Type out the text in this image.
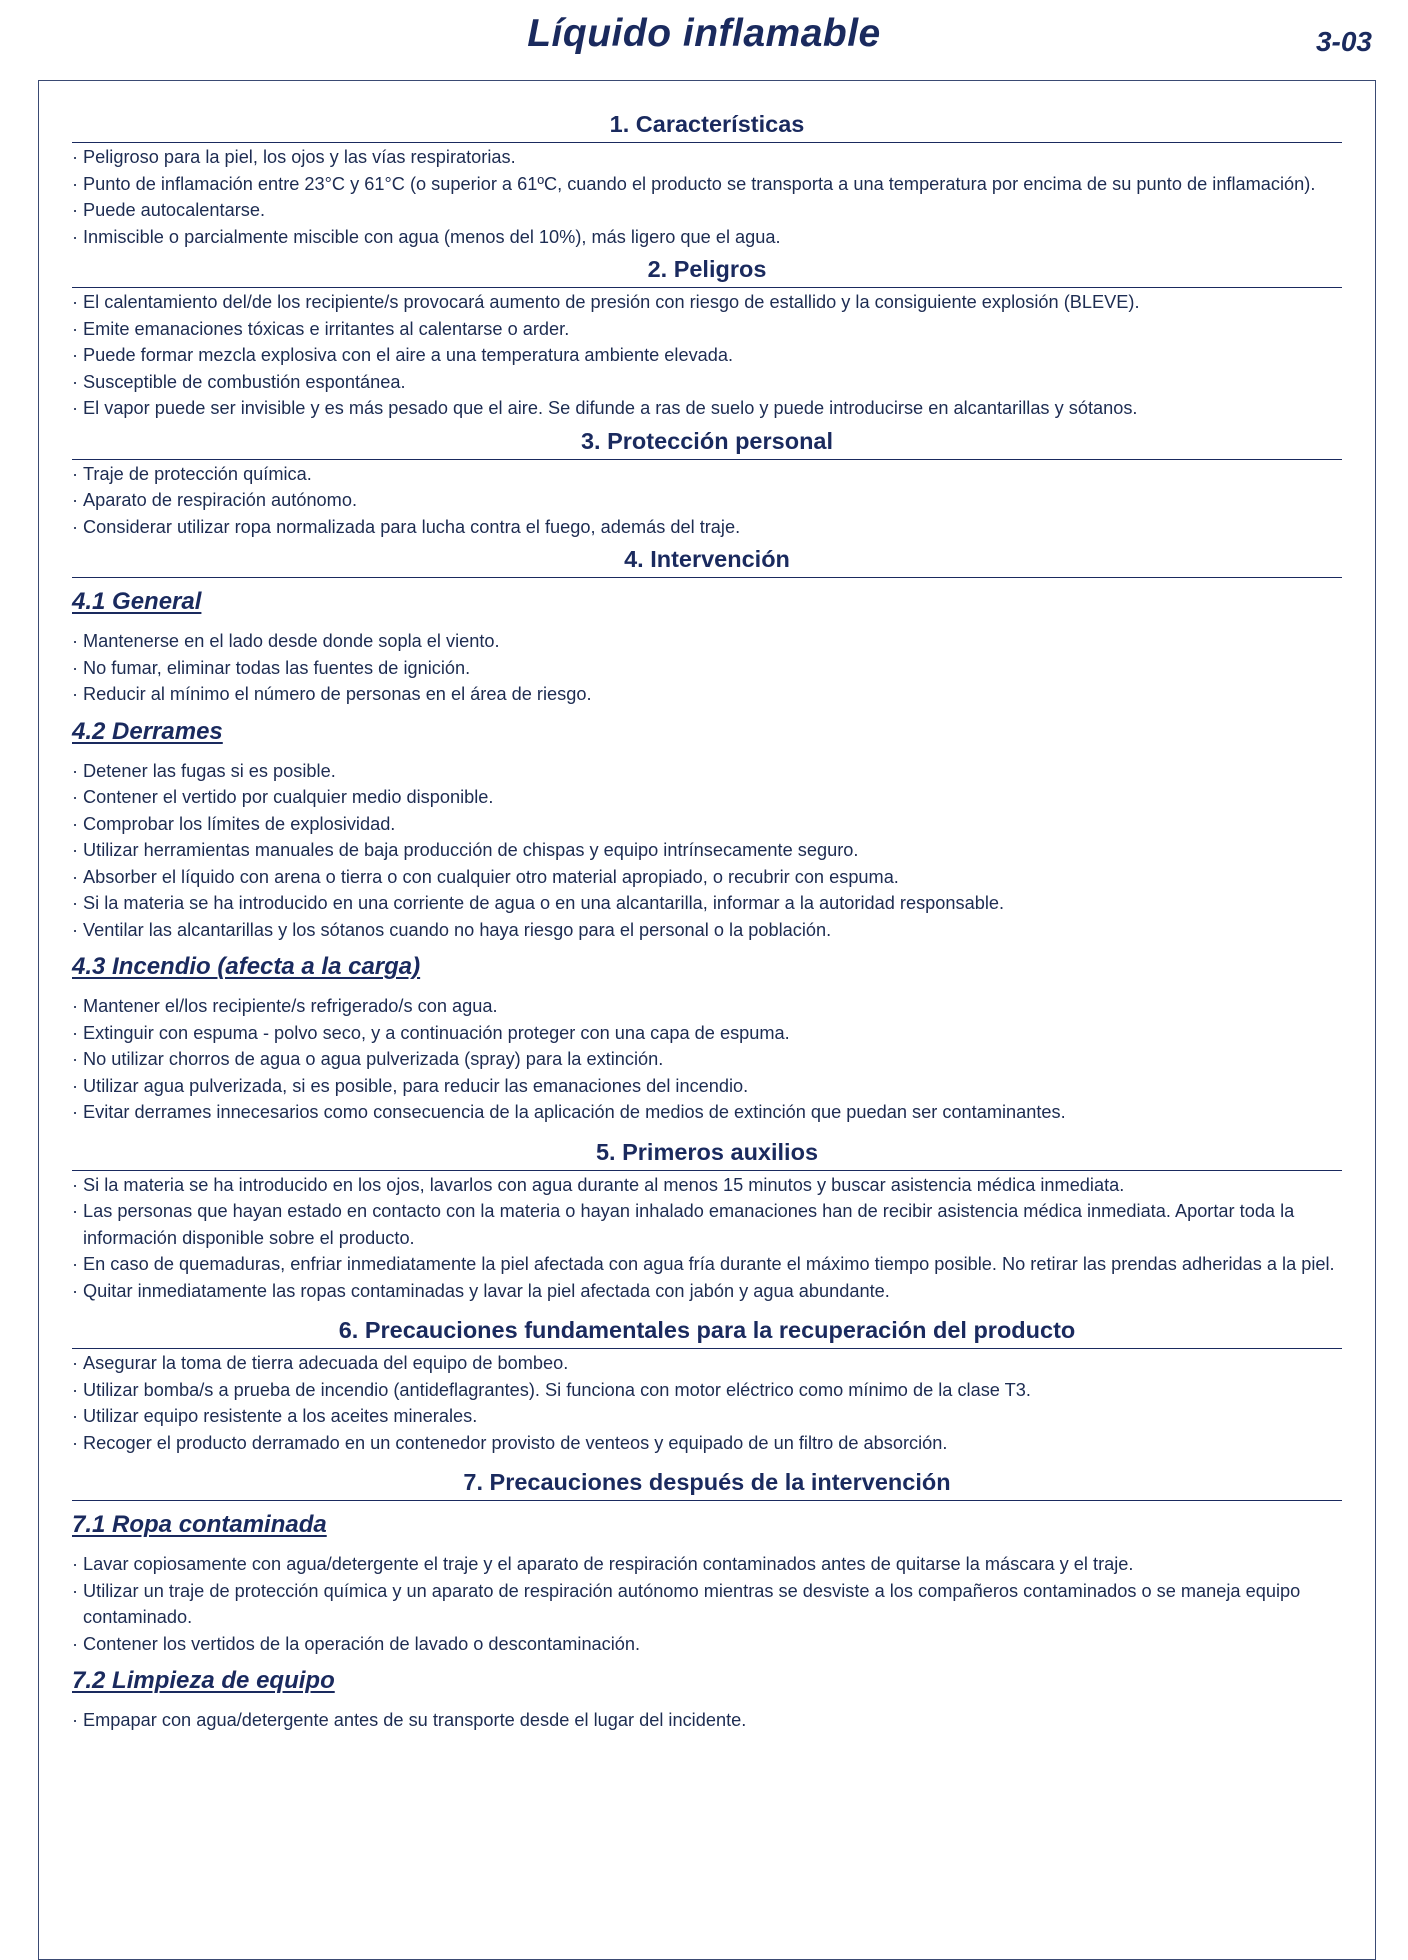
Líquido inflamable	3-03
1. Características
· Peligroso para la piel, los ojos y las vías respiratorias.
· Punto de inflamación entre 23°C y 61°C (o superior a 61ºC, cuando el producto se transporta a una temperatura por encima de su punto de inflamación).
· Puede autocalentarse.
· Inmiscible o parcialmente miscible con agua (menos del 10%), más ligero que el agua.
2. Peligros
· El calentamiento del/de los recipiente/s provocará aumento de presión con riesgo de estallido y la consiguiente explosión (BLEVE).
· Emite emanaciones tóxicas e irritantes al calentarse o arder.
· Puede formar mezcla explosiva con el aire a una temperatura ambiente elevada.
· Susceptible de combustión espontánea.
· El vapor puede ser invisible y es más pesado que el aire. Se difunde a ras de suelo y puede introducirse en alcantarillas y sótanos.
3. Protección personal
· Traje de protección química.
· Aparato de respiración autónomo.
· Considerar utilizar ropa normalizada para lucha contra el fuego, además del traje.
4. Intervención
4.1 General
· Mantenerse en el lado desde donde sopla el viento.
· No fumar, eliminar todas las fuentes de ignición.
· Reducir al mínimo el número de personas en el área de riesgo.
4.2 Derrames
· Detener las fugas si es posible.
· Contener el vertido por cualquier medio disponible.
· Comprobar los límites de explosividad.
· Utilizar herramientas manuales de baja producción de chispas y equipo intrínsecamente seguro.
· Absorber el líquido con arena o tierra o con cualquier otro material apropiado, o recubrir con espuma.
· Si la materia se ha introducido en una corriente de agua o en una alcantarilla, informar a la autoridad responsable.
· Ventilar las alcantarillas y los sótanos cuando no haya riesgo para el personal o la población.
4.3 Incendio (afecta a la carga)
· Mantener el/los recipiente/s refrigerado/s con agua.
· Extinguir con espuma - polvo seco, y a continuación proteger con una capa de espuma.
· No utilizar chorros de agua o agua pulverizada (spray) para la extinción.
· Utilizar agua pulverizada, si es posible, para reducir las emanaciones del incendio.
· Evitar derrames innecesarios como consecuencia de la aplicación de medios de extinción que puedan ser contaminantes.
5. Primeros auxilios
· Si la materia se ha introducido en los ojos, lavarlos con agua durante al menos 15 minutos y buscar asistencia médica inmediata.
· Las personas que hayan estado en contacto con la materia o hayan inhalado emanaciones han de recibir asistencia médica inmediata. Aportar toda la información disponible sobre el producto.
· En caso de quemaduras, enfriar inmediatamente la piel afectada con agua fría durante el máximo tiempo posible. No retirar las prendas adheridas a la piel.
· Quitar inmediatamente las ropas contaminadas y lavar la piel afectada con jabón y agua abundante.
6. Precauciones fundamentales para la recuperación del producto
· Asegurar la toma de tierra adecuada del equipo de bombeo.
· Utilizar bomba/s a prueba de incendio (antideflagrantes). Si funciona con motor eléctrico como mínimo de la clase T3.
· Utilizar equipo resistente a los aceites minerales.
· Recoger el producto derramado en un contenedor provisto de venteos y equipado de un filtro de absorción.
7. Precauciones después de la intervención
7.1 Ropa contaminada
· Lavar copiosamente con agua/detergente el traje y el aparato de respiración contaminados antes de quitarse la máscara y el traje.
· Utilizar un traje de protección química y un aparato de respiración autónomo mientras se desviste a los compañeros contaminados o se maneja equipo contaminado.
· Contener los vertidos de la operación de lavado o descontaminación.
7.2 Limpieza de equipo
· Empapar con agua/detergente antes de su transporte desde el lugar del incidente.
